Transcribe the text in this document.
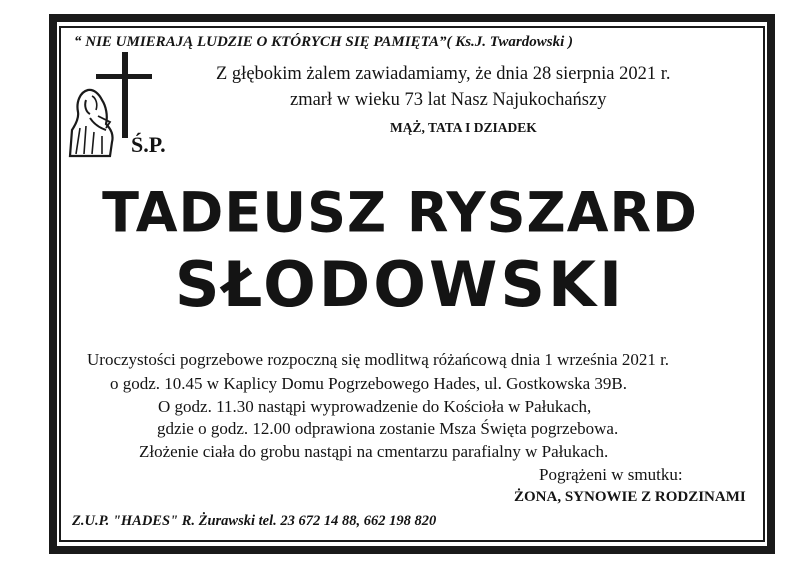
“ NIE UMIERAJĄ LUDZIE O KTÓRYCH SIĘ PAMIĘTA”( Ks.J. Twardowski )
Ś.P.
Z głębokim żalem zawiadamiamy, że dnia 28 sierpnia 2021 r.
zmarł w wieku 73 lat Nasz Najukochańszy
MĄŻ, TATA I DZIADEK
TADEUSZ RYSZARD
SŁODOWSKI
Uroczystości pogrzebowe rozpoczną się modlitwą różańcową dnia 1 września 2021 r.
o godz. 10.45 w Kaplicy Domu Pogrzebowego Hades, ul. Gostkowska 39B.
O godz. 11.30 nastąpi wyprowadzenie do Kościoła w Pałukach,
gdzie o godz. 12.00 odprawiona zostanie Msza Święta pogrzebowa.
Złożenie ciała do grobu nastąpi na cmentarzu parafialny w Pałukach.
Pogrążeni w smutku:
ŻONA, SYNOWIE Z RODZINAMI
Z.U.P. "HADES" R. Żurawski tel. 23 672 14 88, 662 198 820
